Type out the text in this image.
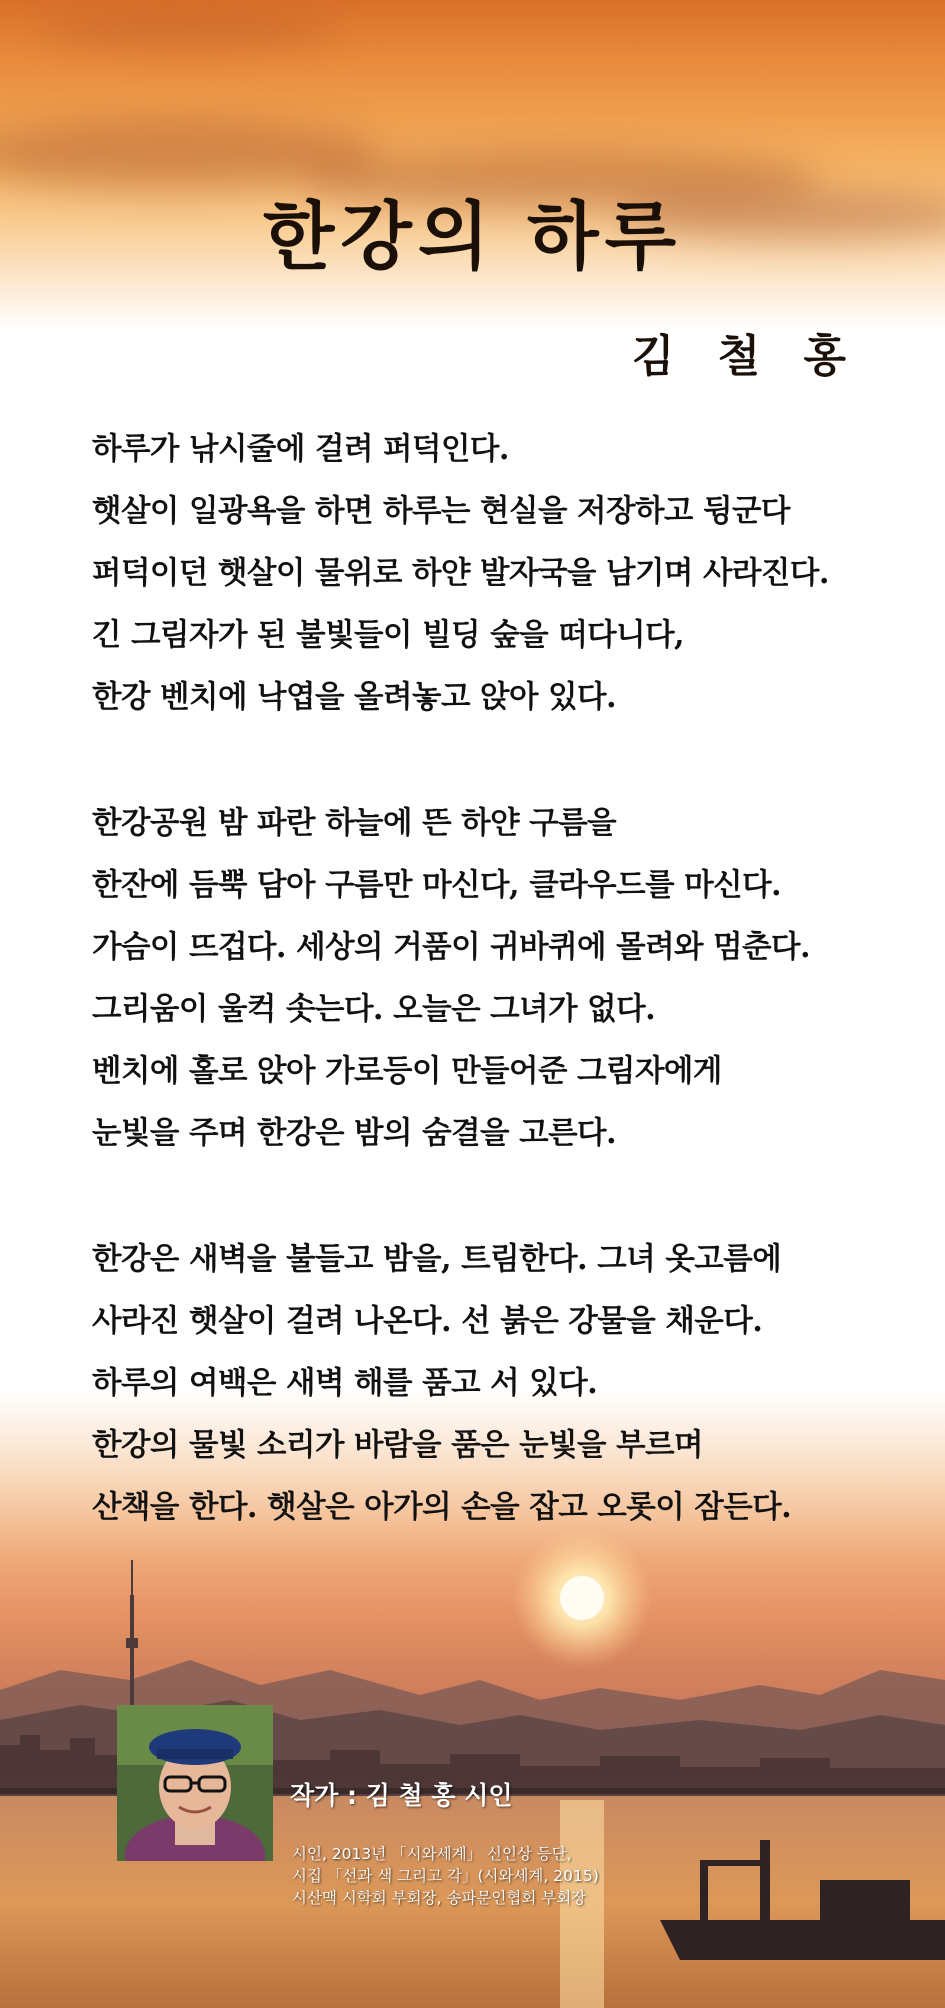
한강의 하루
김 철 홍
하루가 낚시줄에 걸려 퍼덕인다.
햇살이 일광욕을 하면 하루는 현실을 저장하고 뒹군다
퍼덕이던 햇살이 물위로 하얀 발자국을 남기며 사라진다.
긴 그림자가 된 불빛들이 빌딩 숲을 떠다니다,
한강 벤치에 낙엽을 올려놓고 앉아 있다.
한강공원 밤 파란 하늘에 뜬 하얀 구름을
한잔에 듬뿍 담아 구름만 마신다, 클라우드를 마신다.
가슴이 뜨겁다. 세상의 거품이 귀바퀴에 몰려와 멈춘다.
그리움이 울컥 솟는다. 오늘은 그녀가 없다.
벤치에 홀로 앉아 가로등이 만들어준 그림자에게
눈빛을 주며 한강은 밤의 숨결을 고른다.
한강은 새벽을 불들고 밤을, 트림한다. 그녀 옷고름에
사라진 햇살이 걸려 나온다. 선 붉은 강물을 채운다.
하루의 여백은 새벽 해를 품고 서 있다.
한강의 물빛 소리가 바람을 품은 눈빛을 부르며
산책을 한다. 햇살은 아가의 손을 잡고 오롯이 잠든다.
작가 : 김 철 홍 시인
시인, 2013년 「시와세계」 신인상 등단,
시집 「선과 색 그리고 각」(시와세계, 2015)
시산맥 시학회 부회장, 송파문인협회 부회장
